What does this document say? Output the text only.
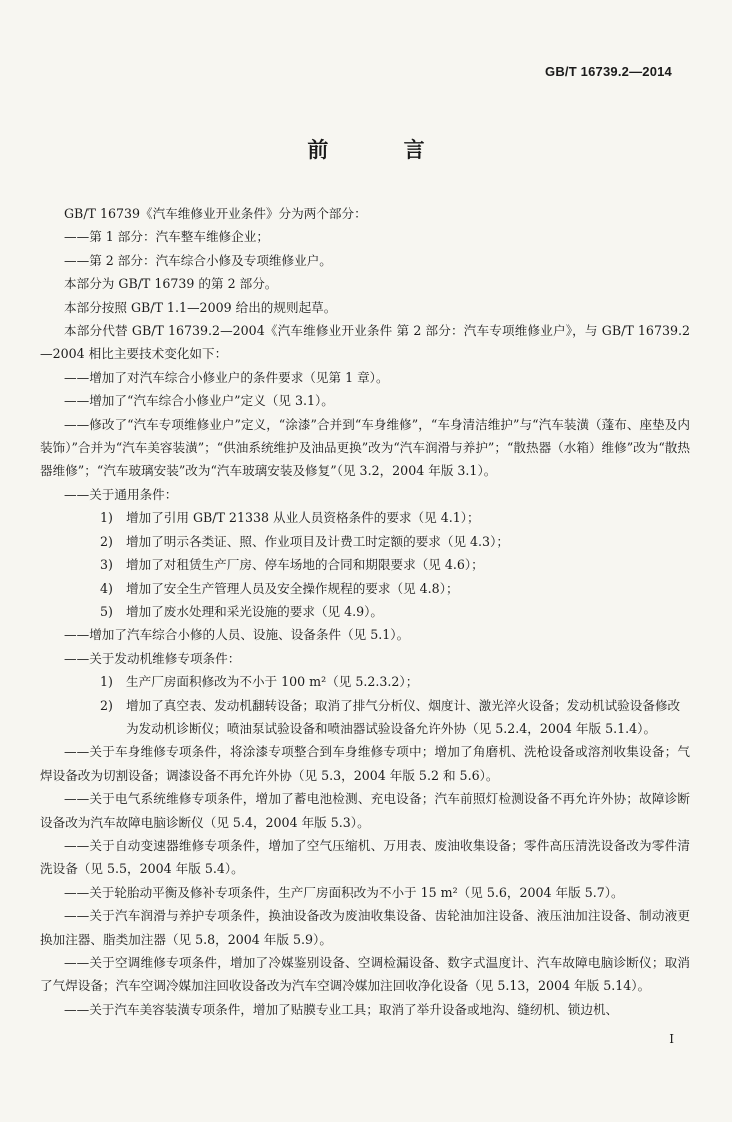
GB/T 16739.2—2014
前 言

GB/T 16739《汽车维修业开业条件》分为两个部分：

——第 1 部分：汽车整车维修企业；

——第 2 部分：汽车综合小修及专项维修业户。

本部分为 GB/T 16739 的第 2 部分。

本部分按照 GB/T 1.1—2009 给出的规则起草。

本部分代替 GB/T 16739.2—2004《汽车维修业开业条件 第 2 部分：汽车专项维修业户》，与 GB/T 16739.2—2004 相比主要技术变化如下：

——增加了对汽车综合小修业户的条件要求（见第 1 章）。

——增加了“汽车综合小修业户”定义（见 3.1）。

——修改了“汽车专项维修业户”定义，“涂漆”合并到“车身维修”，“车身清洁维护”与“汽车装潢（蓬布、座垫及内装饰）”合并为“汽车美容装潢”；“供油系统维护及油品更换”改为“汽车润滑与养护”；“散热器（水箱）维修”改为“散热器维修”；“汽车玻璃安装”改为“汽车玻璃安装及修复”（见 3.2，2004 年版 3.1）。

——关于通用条件：

1)	增加了引用 GB/T 21338 从业人员资格条件的要求（见 4.1）；
2)	增加了明示各类证、照、作业项目及计费工时定额的要求（见 4.3）；
3)	增加了对租赁生产厂房、停车场地的合同和期限要求（见 4.6）；
4)	增加了安全生产管理人员及安全操作规程的要求（见 4.8）；
5)	增加了废水处理和采光设施的要求（见 4.9）。

——增加了汽车综合小修的人员、设施、设备条件（见 5.1）。

——关于发动机维修专项条件：

1)	生产厂房面积修改为不小于 100 m²（见 5.2.3.2）；
2)	增加了真空表、发动机翻转设备；取消了排气分析仪、烟度计、激光淬火设备；发动机试验设备修改为发动机诊断仪；喷油泵试验设备和喷油器试验设备允许外协（见 5.2.4，2004 年版 5.1.4）。

——关于车身维修专项条件，将涂漆专项整合到车身维修专项中；增加了角磨机、洗枪设备或溶剂收集设备；气焊设备改为切割设备；调漆设备不再允许外协（见 5.3，2004 年版 5.2 和 5.6）。

——关于电气系统维修专项条件，增加了蓄电池检测、充电设备；汽车前照灯检测设备不再允许外协；故障诊断设备改为汽车故障电脑诊断仪（见 5.4，2004 年版 5.3）。

——关于自动变速器维修专项条件，增加了空气压缩机、万用表、废油收集设备；零件高压清洗设备改为零件清洗设备（见 5.5，2004 年版 5.4）。

——关于轮胎动平衡及修补专项条件，生产厂房面积改为不小于 15 m²（见 5.6，2004 年版 5.7）。

——关于汽车润滑与养护专项条件，换油设备改为废油收集设备、齿轮油加注设备、液压油加注设备、制动液更换加注器、脂类加注器（见 5.8，2004 年版 5.9）。

——关于空调维修专项条件，增加了冷媒鉴别设备、空调检漏设备、数字式温度计、汽车故障电脑诊断仪；取消了气焊设备；汽车空调冷媒加注回收设备改为汽车空调冷媒加注回收净化设备（见 5.13，2004 年版 5.14）。

——关于汽车美容装潢专项条件，增加了贴膜专业工具；取消了举升设备或地沟、缝纫机、锁边机、

I
